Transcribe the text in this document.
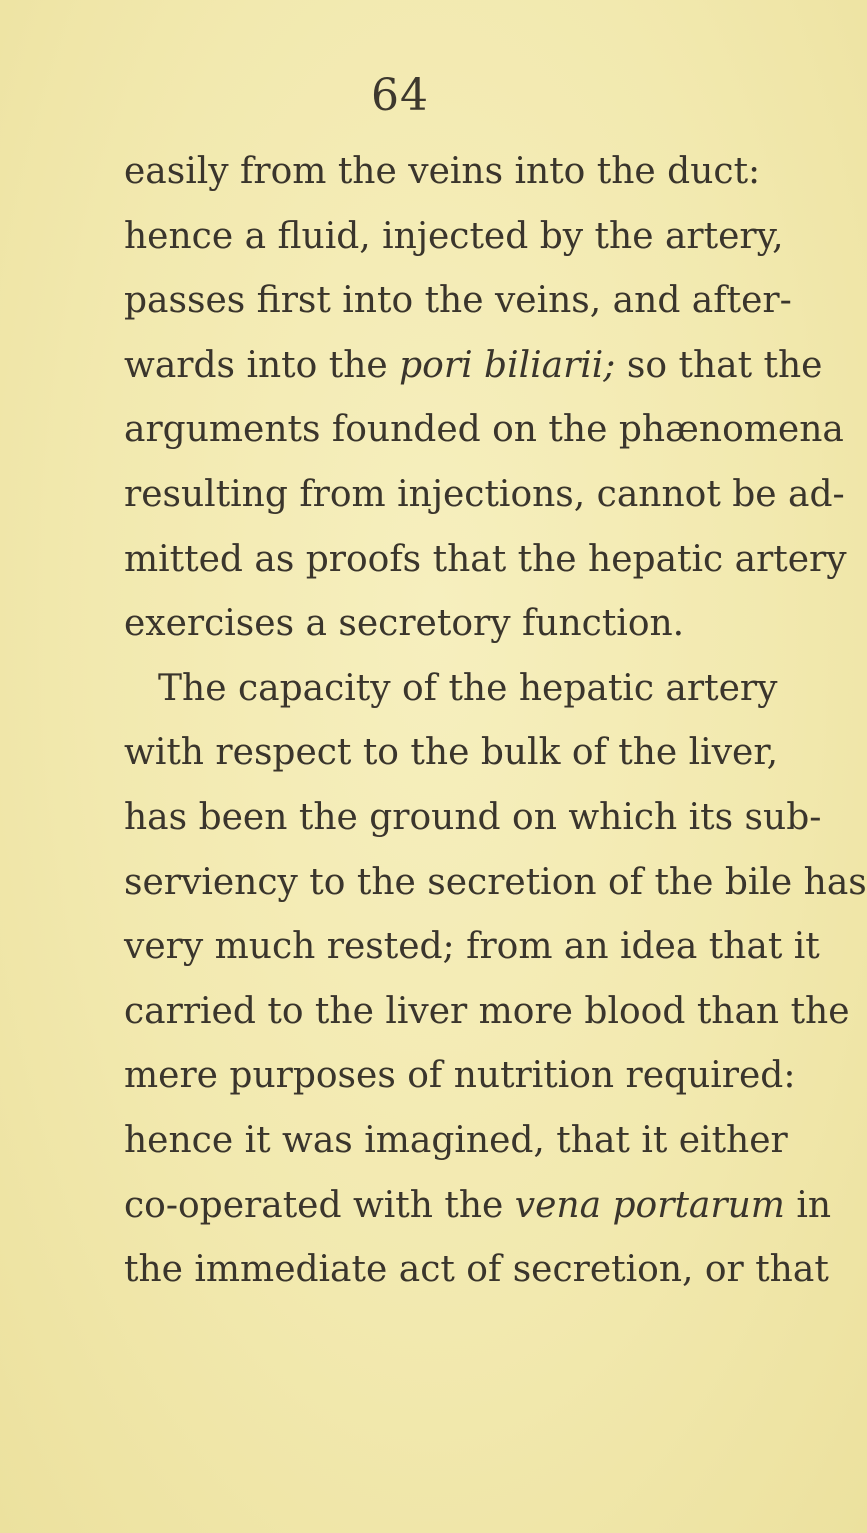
64
easily from the veins into the duct:
hence a fluid, injected by the artery,
passes first into the veins, and after-
wards into the pori biliarii; so that the
arguments founded on the phænomena
resulting from injections, cannot be ad-
mitted as proofs that the hepatic artery
exercises a secretory function.
The capacity of the hepatic artery
with respect to the bulk of the liver,
has been the ground on which its sub-
serviency to the secretion of the bile has
very much rested; from an idea that it
carried to the liver more blood than the
mere purposes of nutrition required:
hence it was imagined, that it either
co-operated with the vena portarum in
the immediate act of secretion, or that
